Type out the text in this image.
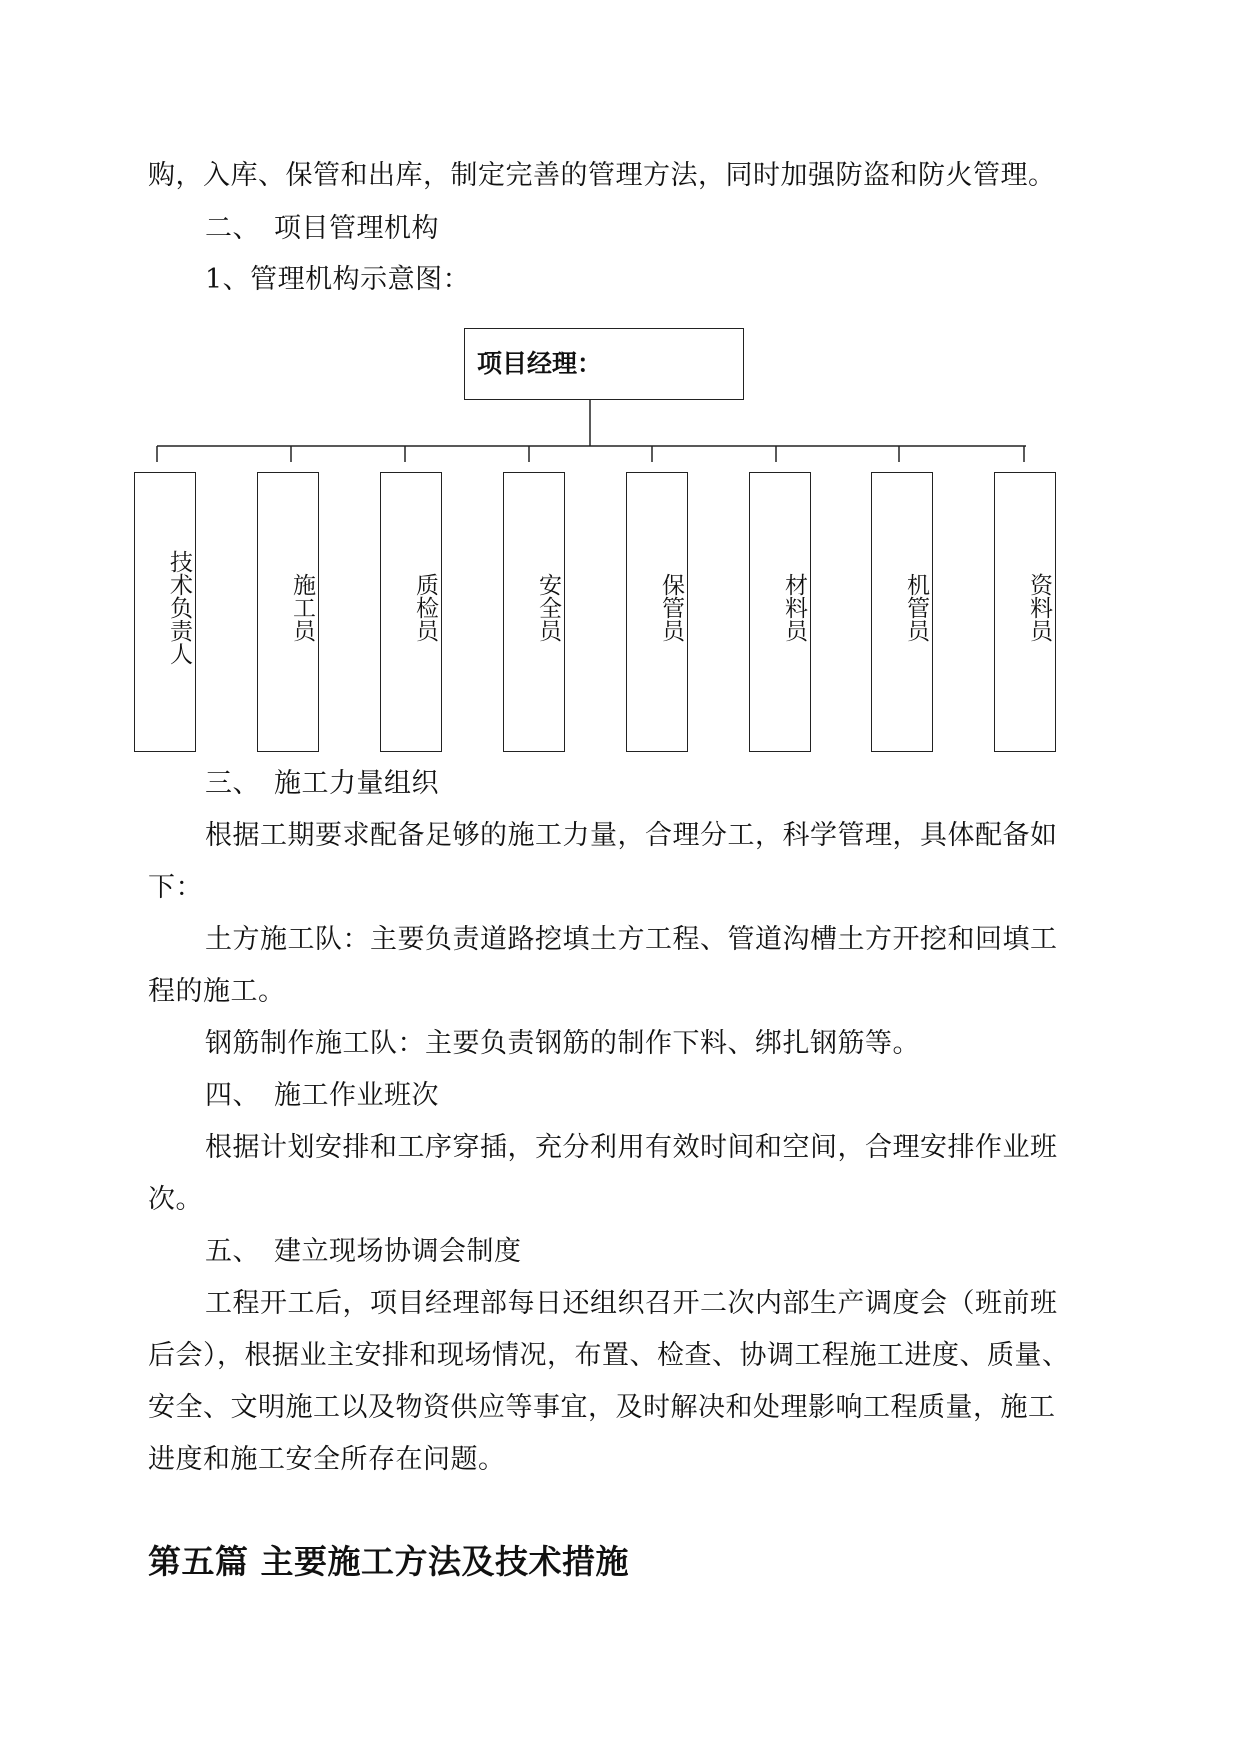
购，入库、保管和出库，制定完善的管理方法，同时加强防盗和防火管理。
二、　项目管理机构
1、管理机构示意图：
项目经理：
技术负责人	施工员	质检员	安全员	保管员	材料员	机管员	资料员
三、　施工力量组织
根据工期要求配备足够的施工力量，合理分工，科学管理，具体配备如
下：
土方施工队：主要负责道路挖填土方工程、管道沟槽土方开挖和回填工
程的施工。
钢筋制作施工队：主要负责钢筋的制作下料、绑扎钢筋等。
四、　施工作业班次
根据计划安排和工序穿插，充分利用有效时间和空间，合理安排作业班
次。
五、　建立现场协调会制度
工程开工后，项目经理部每日还组织召开二次内部生产调度会（班前班
后会），根据业主安排和现场情况，布置、检查、协调工程施工进度、质量、
安全、文明施工以及物资供应等事宜，及时解决和处理影响工程质量，施工
进度和施工安全所存在问题。
第五篇 主要施工方法及技术措施
